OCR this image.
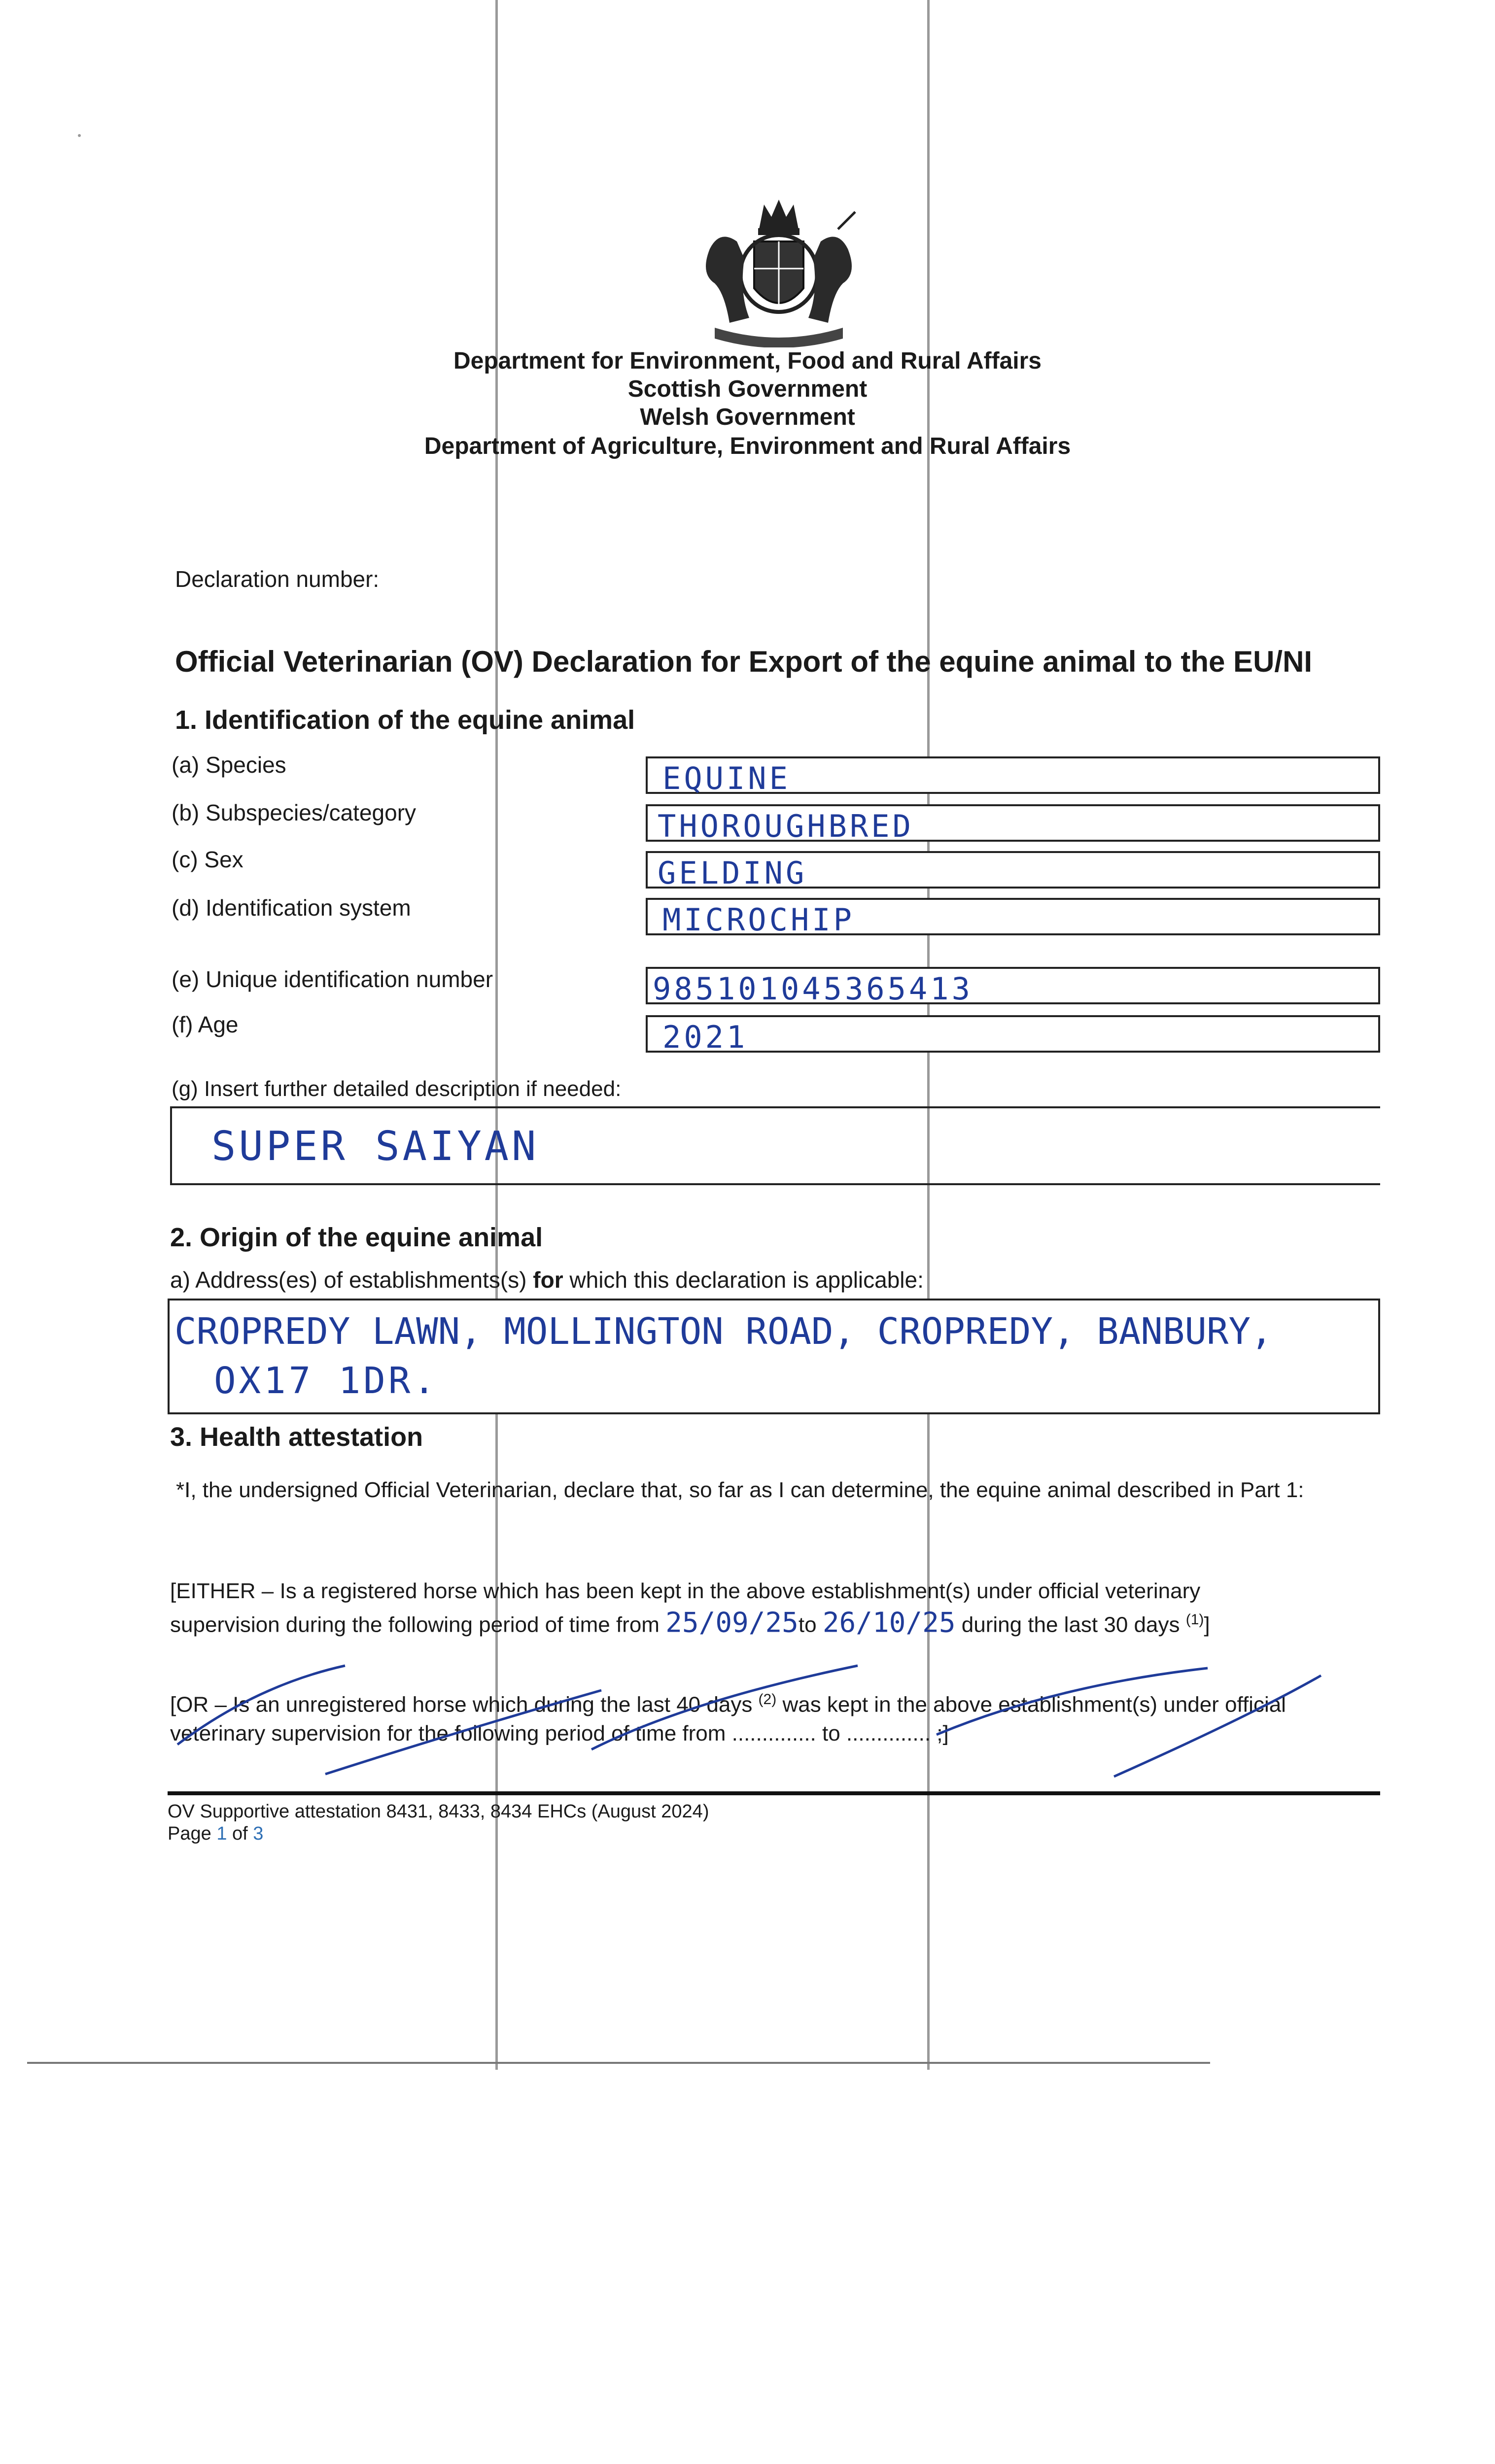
Department for Environment, Food and Rural Affairs
Scottish Government
Welsh Government
Department of Agriculture, Environment and Rural Affairs
Declaration number:
Official Veterinarian (OV) Declaration for Export of the equine animal to the EU/NI
1. Identification of the equine animal
(a) Species	EQUINE
(b) Subspecies/category	THOROUGHBRED
(c) Sex	GELDING
(d) Identification system	MICROCHIP
(e) Unique identification number	985101045365413
(f) Age	2021
(g) Insert further detailed description if needed:
SUPER SAIYAN
2. Origin of the equine animal
a) Address(es) of establishments(s) for which this declaration is applicable:
CROPREDY LAWN, MOLLINGTON ROAD, CROPREDY, BANBURY,
OX17 1DR.
3. Health attestation
*I, the undersigned Official Veterinarian, declare that, so far as I can determine, the equine animal described in Part 1:
[EITHER – Is a registered horse which has been kept in the above establishment(s) under official veterinary
supervision during the following period of time from 25/09/25to 26/10/25 during the last 30 days $^{(1)}$]
[OR – Is an unregistered horse which during the last 40 days $^{(2)}$ was kept in the above establishment(s) under official
veterinary supervision for the following period of time from .............. to .............. ;]
OV Supportive attestation 8431, 8433, 8434 EHCs (August 2024)
Page 1 of 3
